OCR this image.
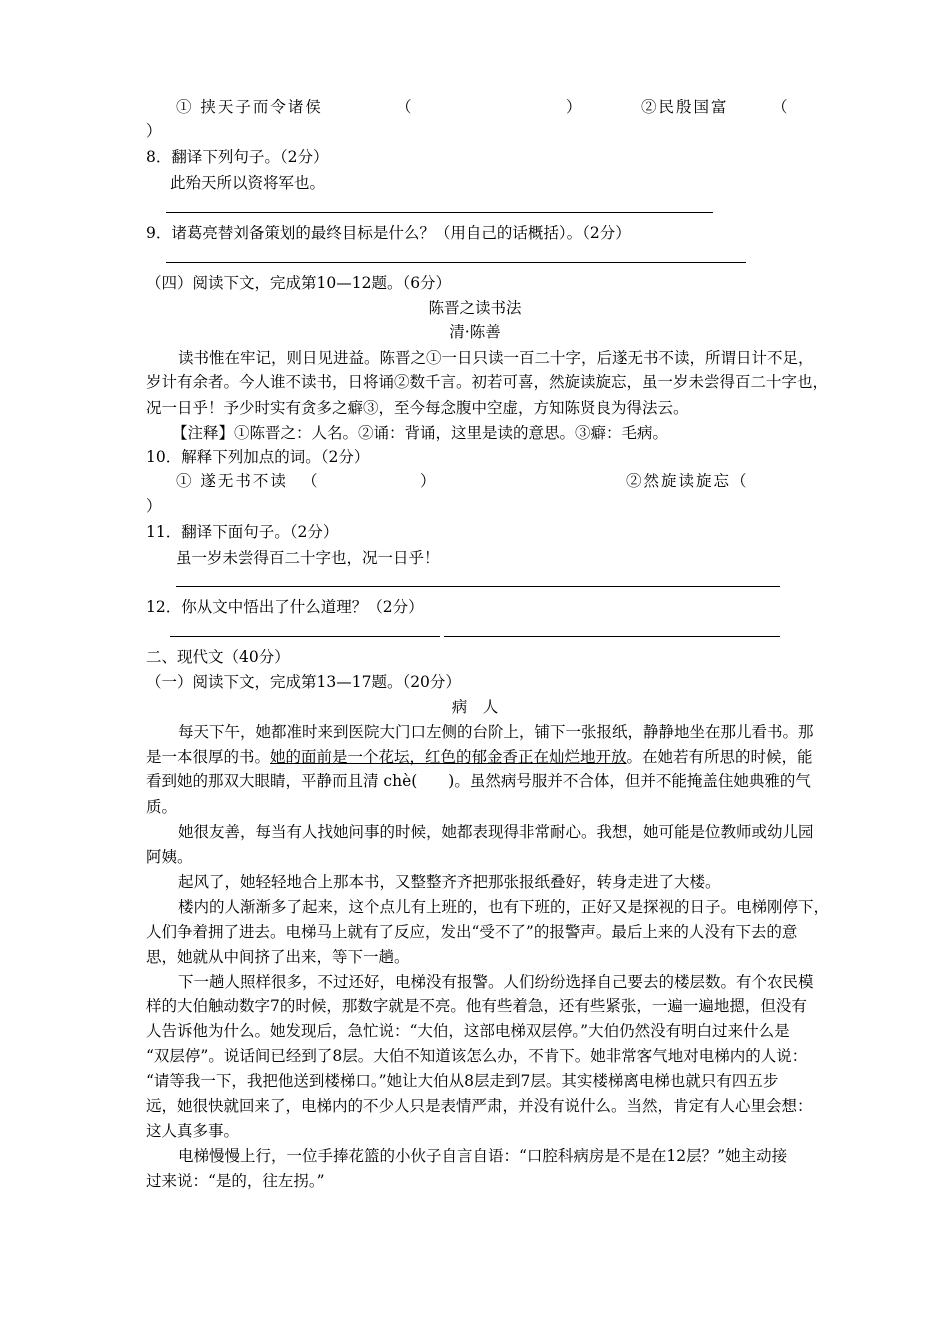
① 挟天子而令诸侯	（	）	②民殷国富	（
）
8．翻译下列句子。（2分）
此殆天所以资将军也。
9．诸葛亮替刘备策划的最终目标是什么？（用自己的话概括）。（2分）
（四）阅读下文，完成第10—12题。（6分）
陈晋之读书法
清·陈善
读书惟在牢记，则日见进益。陈晋之①一日只读一百二十字，后遂无书不读，所谓日计不足，
岁计有余者。今人谁不读书，日将诵②数千言。初若可喜，然旋读旋忘，虽一岁未尝得百二十字也，
况一日乎！予少时实有贪多之癖③，至今每念腹中空虚，方知陈贤良为得法云。
【注释】①陈晋之：人名。②诵：背诵，这里是读的意思。③癖：毛病。
10．解释下列加点的词。（2分）
① 遂无书不读 （	）	②然旋读旋忘（
）
11．翻译下面句子。（2分）
虽一岁未尝得百二十字也，况一日乎！
12．你从文中悟出了什么道理？（2分）
二、现代文（40分）
（一）阅读下文，完成第13—17题。（20分）
病　人
每天下午，她都准时来到医院大门口左侧的台阶上，铺下一张报纸，静静地坐在那儿看书。那
是一本很厚的书。她的面前是一个花坛，红色的郁金香正在灿烂地开放。在她若有所思的时候，能
看到她的那双大眼睛，平静而且清 chè(　　)。虽然病号服并不合体，但并不能掩盖住她典雅的气
质。
她很友善，每当有人找她问事的时候，她都表现得非常耐心。我想，她可能是位教师或幼儿园
阿姨。
起风了，她轻轻地合上那本书，又整整齐齐把那张报纸叠好，转身走进了大楼。
楼内的人渐渐多了起来，这个点儿有上班的，也有下班的，正好又是探视的日子。电梯刚停下，
人们争着拥了进去。电梯马上就有了反应，发出“受不了”的报警声。最后上来的人没有下去的意
思，她就从中间挤了出来，等下一趟。
下一趟人照样很多，不过还好，电梯没有报警。人们纷纷选择自己要去的楼层数。有个农民模
样的大伯触动数字7的时候，那数字就是不亮。他有些着急，还有些紧张，一遍一遍地摁，但没有
人告诉他为什么。她发现后，急忙说：“大伯，这部电梯双层停。”大伯仍然没有明白过来什么是
“双层停”。说话间已经到了8层。大伯不知道该怎么办，不肯下。她非常客气地对电梯内的人说：
“请等我一下，我把他送到楼梯口。”她让大伯从8层走到7层。其实楼梯离电梯也就只有四五步
远，她很快就回来了，电梯内的不少人只是表情严肃，并没有说什么。当然，肯定有人心里会想：
这人真多事。
电梯慢慢上行，一位手捧花篮的小伙子自言自语：“口腔科病房是不是在12层？”她主动接
过来说：“是的，往左拐。”
